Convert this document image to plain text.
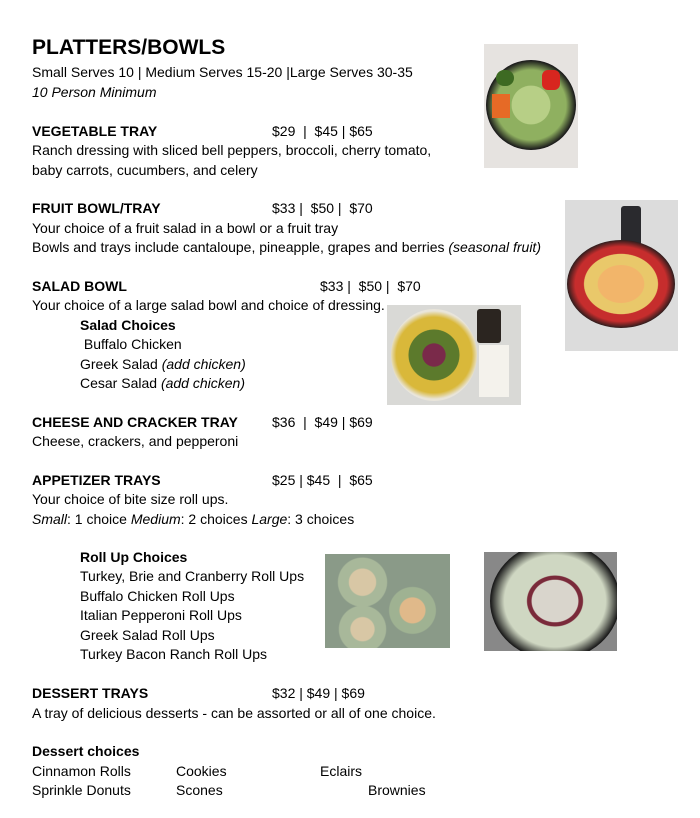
PLATTERS/BOWLS
Small Serves 10 | Medium Serves 15-20 |Large Serves 30-35
10 Person Minimum
VEGETABLE TRAY	$29  |  $45 | $65
Ranch dressing with sliced bell peppers, broccoli, cherry tomato,
baby carrots, cucumbers, and celery
FRUIT BOWL/TRAY	$33 |  $50 |  $70
Your choice of a fruit salad in a bowl or a fruit tray
Bowls and trays include cantaloupe, pineapple, grapes and berries (seasonal fruit)
SALAD BOWL	$33 |  $50 |  $70
Your choice of a large salad bowl and choice of dressing.
Salad Choices
Buffalo Chicken
Greek Salad (add chicken)
Cesar Salad (add chicken)
CHEESE AND CRACKER TRAY $36  |  $49 | $69
Cheese, crackers, and pepperoni
APPETIZER TRAYS	$25 | $45  |  $65
Your choice of bite size roll ups.
Small: 1 choice Medium: 2 choices Large: 3 choices
Roll Up Choices
Turkey, Brie and Cranberry Roll Ups
Buffalo Chicken Roll Ups
Italian Pepperoni Roll Ups
Greek Salad Roll Ups
Turkey Bacon Ranch Roll Ups
DESSERT TRAYS	$32 | $49 | $69
A tray of delicious desserts - can be assorted or all of one choice.
Dessert choices
Cinnamon Rolls	Cookies	Eclairs
Sprinkle Donuts	Scones	Brownies
